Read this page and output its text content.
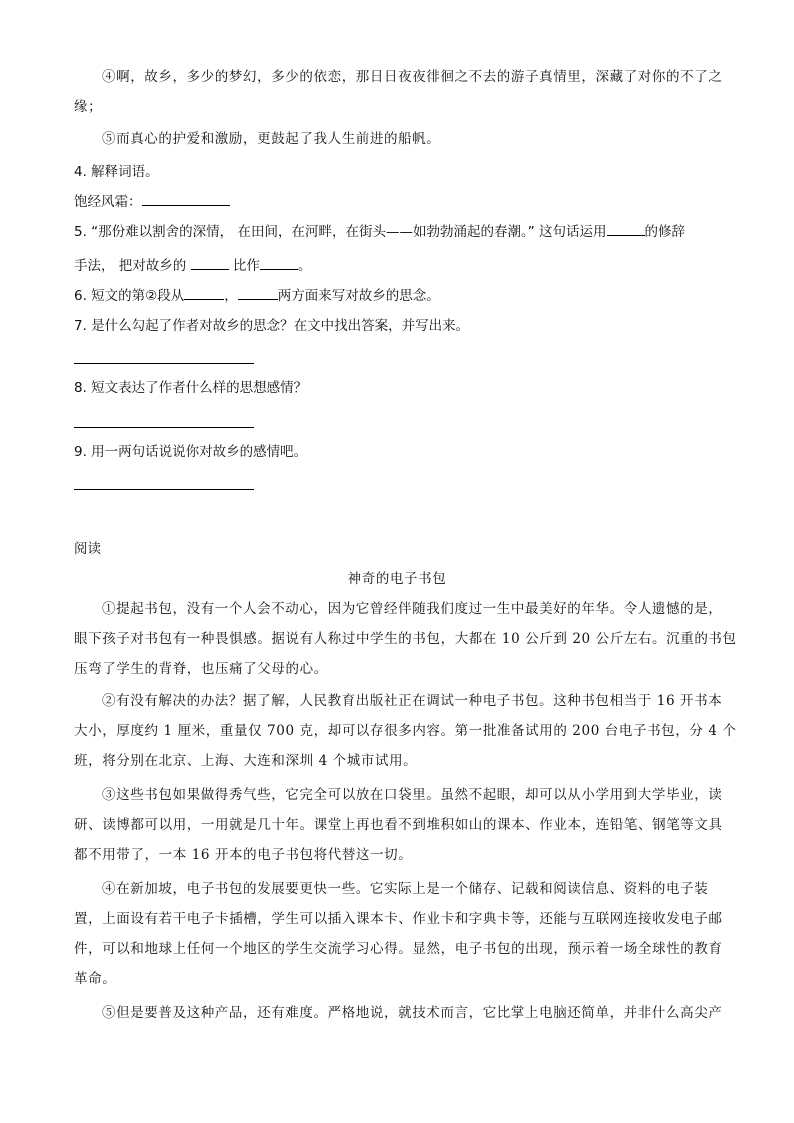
④啊，故乡，多少的梦幻，多少的依恋，那日日夜夜徘徊之不去的游子真情里，深藏了对你的不了之
缘；
⑤而真心的护爱和激励，更鼓起了我人生前进的船帆。
4. 解释词语。
饱经风霜：
5. “那份难以割舍的深情， 在田间，在河畔，在街头——如勃勃涌起的春潮。” 这句话运用	的修辞
手法， 把对故乡的	比作	。
6. 短文的第②段从	，	两方面来写对故乡的思念。
7. 是什么勾起了作者对故乡的思念？在文中找出答案，并写出来。
8. 短文表达了作者什么样的思想感情？
9. 用一两句话说说你对故乡的感情吧。
阅读
神奇的电子书包
①提起书包，没有一个人会不动心，因为它曾经伴随我们度过一生中最美好的年华。令人遗憾的是，
眼下孩子对书包有一种畏惧感。据说有人称过中学生的书包，大都在 10 公斤到 20 公斤左右。沉重的书包
压弯了学生的背脊，也压痛了父母的心。
②有没有解决的办法？据了解，人民教育出版社正在调试一种电子书包。这种书包相当于 16 开书本
大小，厚度约 1 厘米，重量仅 700 克，却可以存很多内容。第一批准备试用的 200 台电子书包，分 4 个
班，将分别在北京、上海、大连和深圳 4 个城市试用。
③这些书包如果做得秀气些，它完全可以放在口袋里。虽然不起眼，却可以从小学用到大学毕业，读
研、读博都可以用，一用就是几十年。课堂上再也看不到堆积如山的课本、作业本，连铅笔、钢笔等文具
都不用带了，一本 16 开本的电子书包将代替这一切。
④在新加坡，电子书包的发展要更快一些。它实际上是一个储存、记载和阅读信息、资料的电子装
置，上面设有若干电子卡插槽，学生可以插入课本卡、作业卡和字典卡等，还能与互联网连接收发电子邮
件，可以和地球上任何一个地区的学生交流学习心得。显然，电子书包的出现，预示着一场全球性的教育
革命。
⑤但是要普及这种产品，还有难度。严格地说，就技术而言，它比掌上电脑还简单，并非什么高尖产
